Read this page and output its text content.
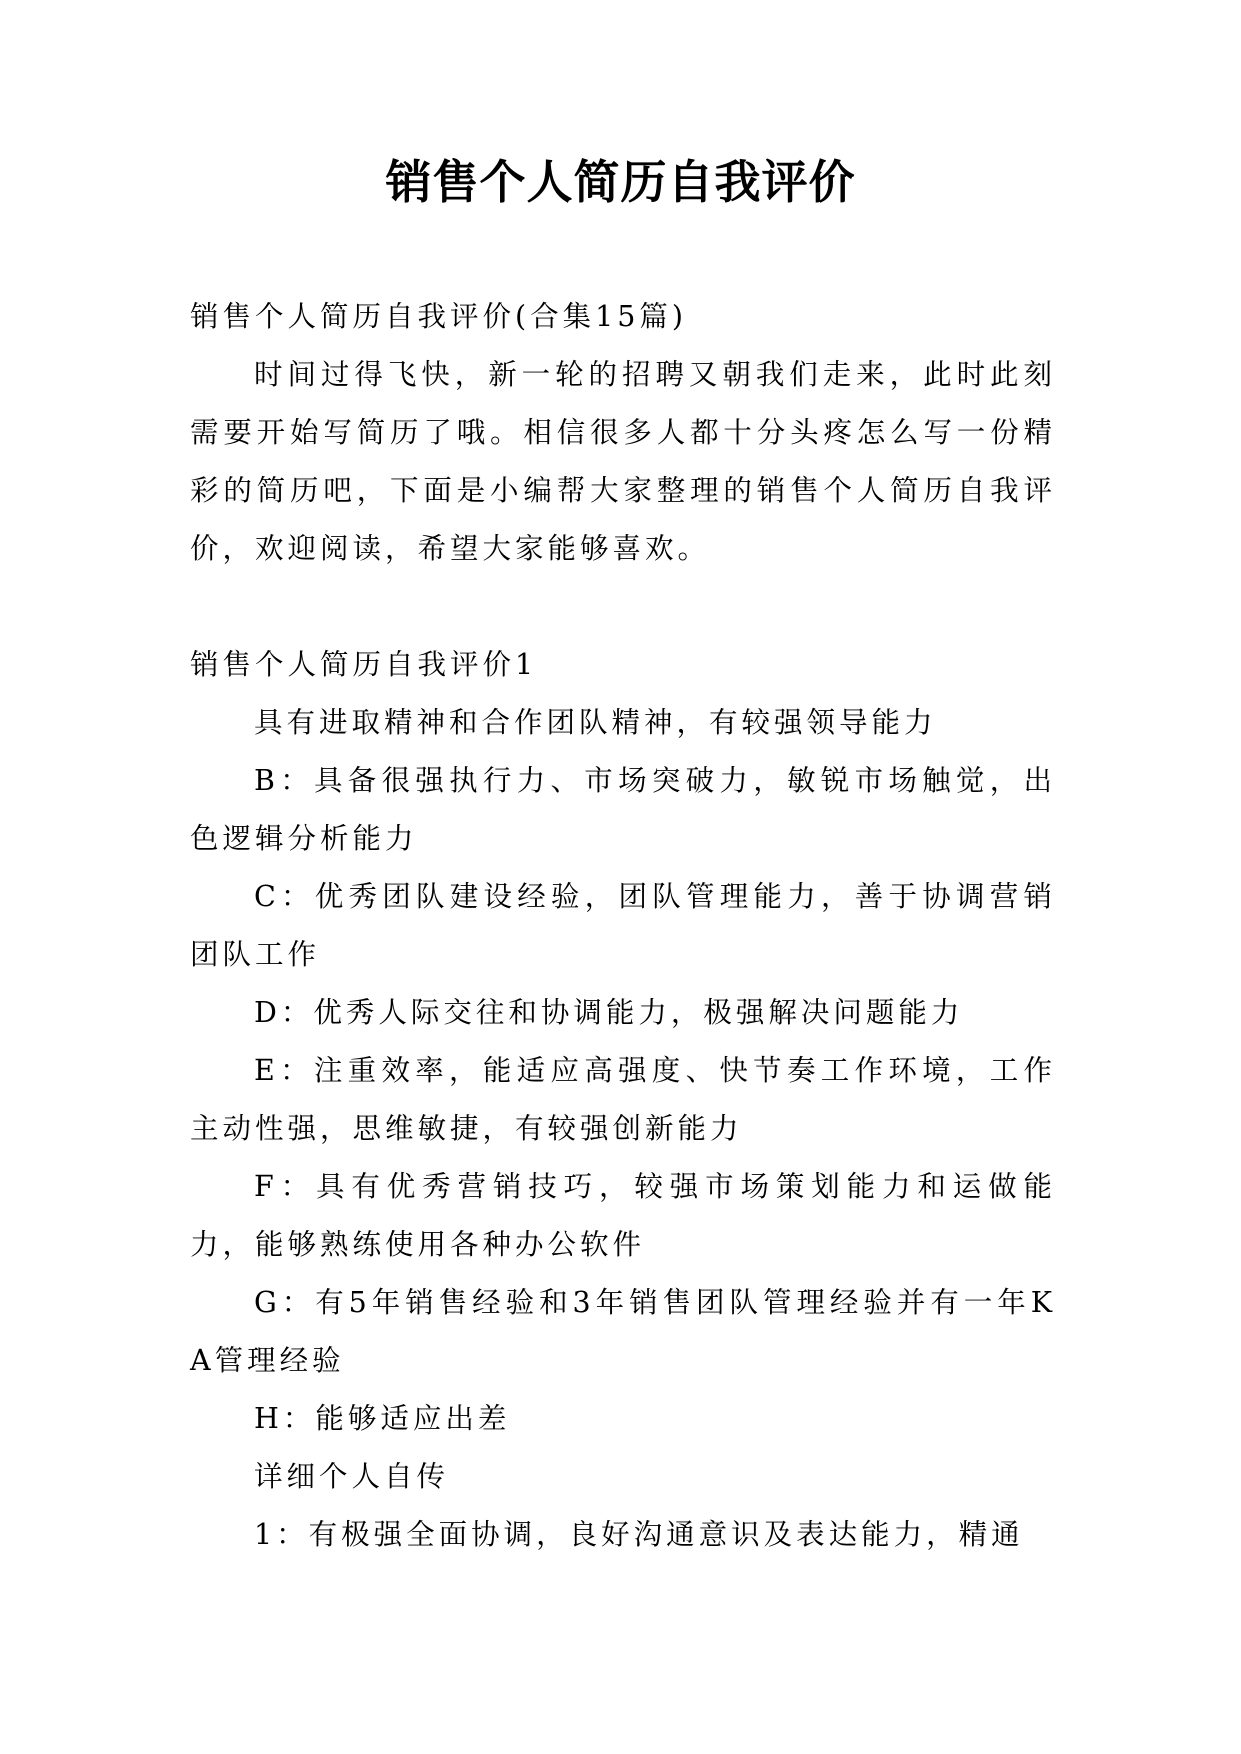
销售个人简历自我评价

销售个人简历自我评价(合集15篇)

时间过得飞快，新一轮的招聘又朝我们走来，此时此刻需要开始写简历了哦。相信很多人都十分头疼怎么写一份精彩的简历吧，下面是小编帮大家整理的销售个人简历自我评价，欢迎阅读，希望大家能够喜欢。

销售个人简历自我评价1

具有进取精神和合作团队精神，有较强领导能力

B：具备很强执行力、市场突破力，敏锐市场触觉，出色逻辑分析能力

C：优秀团队建设经验，团队管理能力，善于协调营销团队工作

D：优秀人际交往和协调能力，极强解决问题能力

E：注重效率，能适应高强度、快节奏工作环境，工作主动性强，思维敏捷，有较强创新能力

F：具有优秀营销技巧，较强市场策划能力和运做能力，能够熟练使用各种办公软件

G：有5年销售经验和3年销售团队管理经验并有一年KA管理经验

H：能够适应出差

详细个人自传

1：有极强全面协调，良好沟通意识及表达能力，精通
